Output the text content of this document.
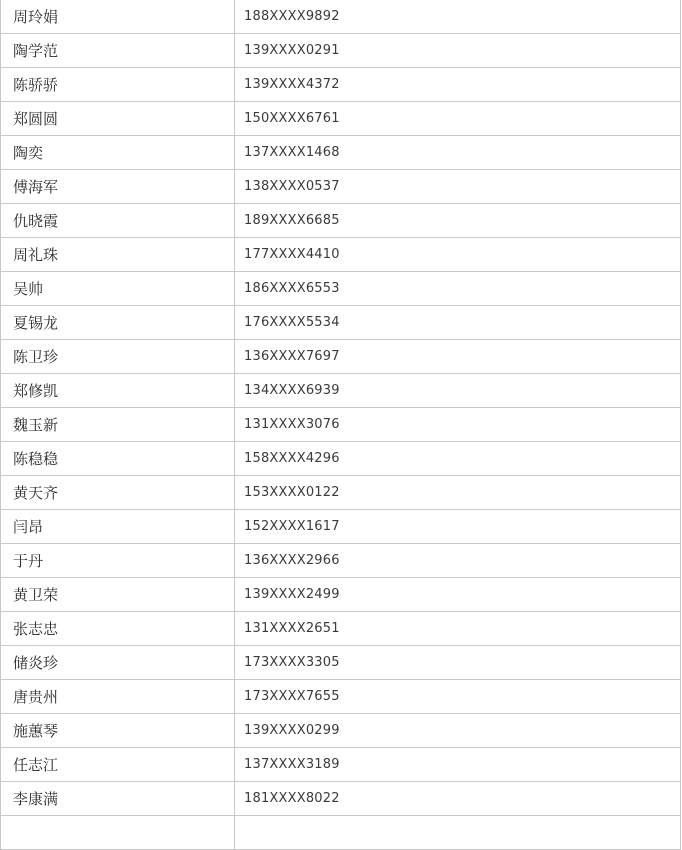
周玲娟	188XXXX9892
陶学范	139XXXX0291
陈骄骄	139XXXX4372
郑圆圆	150XXXX6761
陶奕	137XXXX1468
傅海军	138XXXX0537
仇晓霞	189XXXX6685
周礼珠	177XXXX4410
吴帅	186XXXX6553
夏锡龙	176XXXX5534
陈卫珍	136XXXX7697
郑修凯	134XXXX6939
魏玉新	131XXXX3076
陈稳稳	158XXXX4296
黄天齐	153XXXX0122
闫昂	152XXXX1617
于丹	136XXXX2966
黄卫荣	139XXXX2499
张志忠	131XXXX2651
储炎珍	173XXXX3305
唐贵州	173XXXX7655
施蕙琴	139XXXX0299
任志江	137XXXX3189
李康满	181XXXX8022
